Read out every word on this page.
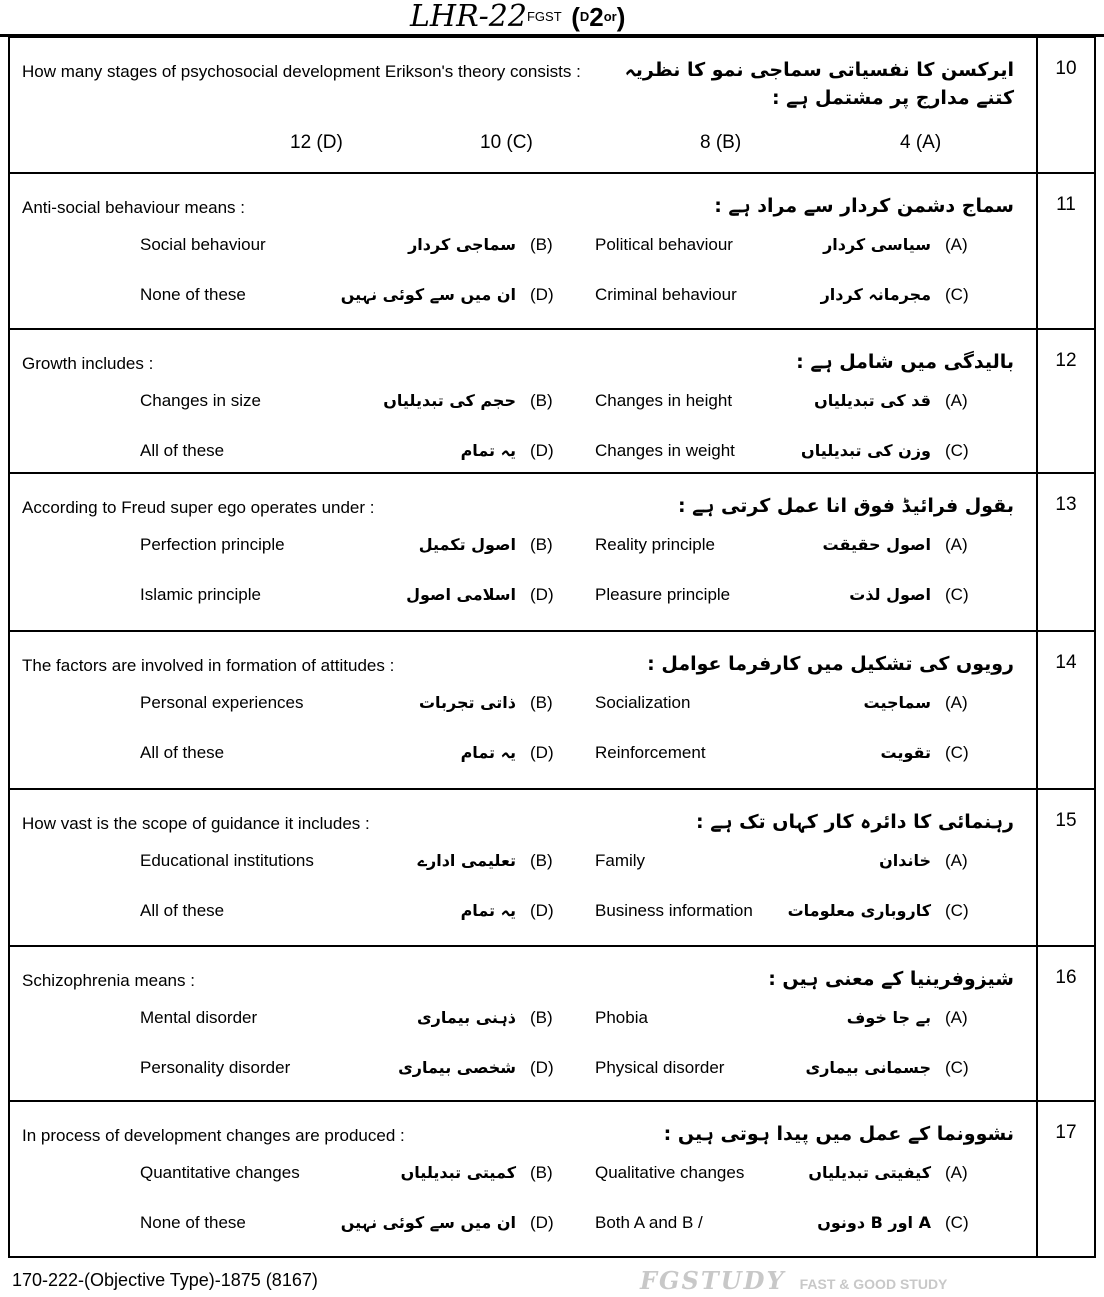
LHR-$22^{FGST}$ $(^D2^{or})$
10
How many stages of psychosocial development Erikson's theory consists :	ایرکسن کا نفسیاتی سماجی نمو کا نظریہ کتنے مدارج پر مشتمل ہے :
4 (A)
8 (B)
10 (C)
12 (D)
11
Anti-social behaviour means :	سماج دشمن کردار سے مراد ہے :
Political behaviour	سیاسی کردار (A)
Social behaviour	سماجی کردار (B)
Criminal behaviour	مجرمانہ کردار (C)
None of these	ان میں سے کوئی نہیں (D)
12
Growth includes :	بالیدگی میں شامل ہے :
Changes in height	قد کی تبدیلیاں (A)
Changes in size	حجم کی تبدیلیاں (B)
Changes in weight	وزن کی تبدیلیاں (C)
All of these	یہ تمام (D)
13
According to Freud super ego operates under :	بقول فرائیڈ فوق انا عمل کرتی ہے :
Reality principle	اصول حقیقت (A)
Perfection principle	اصول تکمیل (B)
Pleasure principle	اصول لذت (C)
Islamic principle	اسلامی اصول (D)
14
The factors are involved in formation of attitudes :	رویوں کی تشکیل میں کارفرما عوامل :
Socialization	سماجیت (A)
Personal experiences	ذاتی تجربات (B)
Reinforcement	تقویت (C)
All of these	یہ تمام (D)
15
How vast is the scope of guidance it includes :	رہنمائی کا دائرہ کار کہاں تک ہے :
Family	خاندان (A)
Educational institutions	تعلیمی ادارے (B)
Business information	کاروباری معلومات (C)
All of these	یہ تمام (D)
16
Schizophrenia means :	شیزوفرینیا کے معنی ہیں :
Phobia	بے جا خوف (A)
Mental disorder	ذہنی بیماری (B)
Physical disorder	جسمانی بیماری (C)
Personality disorder	شخصی بیماری (D)
17
In process of development changes are produced :	نشوونما کے عمل میں پیدا ہوتی ہیں :
Qualitative changes	کیفیتی تبدیلیاں (A)
Quantitative changes	کمیتی تبدیلیاں (B)
Both A and B /	A اور B دونوں (C)
None of these	ان میں سے کوئی نہیں (D)
170-222-(Objective Type)-1875 (8167)	FGSTUDY FAST & GOOD STUDY
